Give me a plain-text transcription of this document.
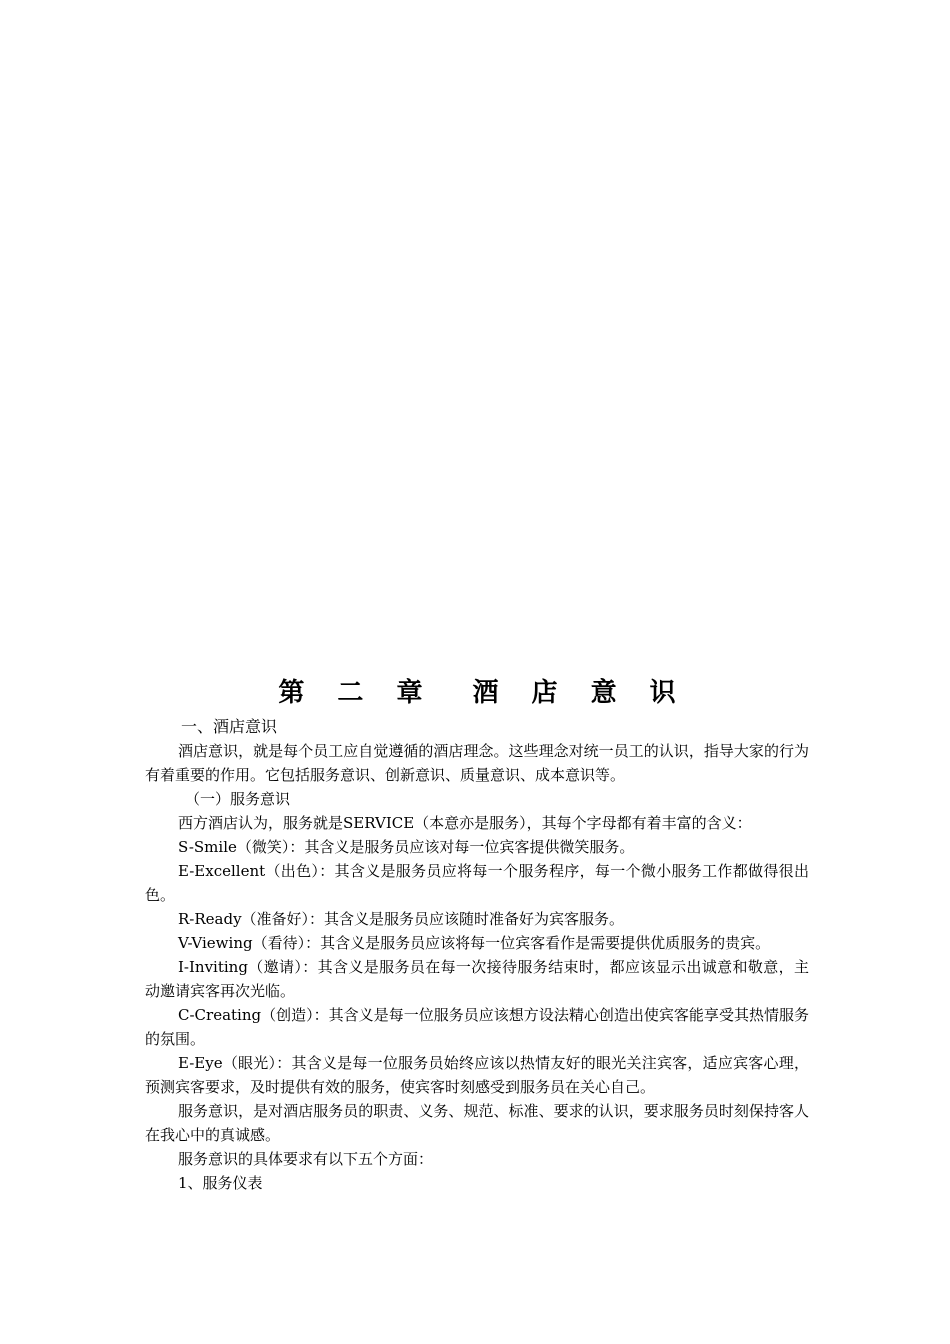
第 二 章　酒 店 意 识

一、酒店意识

酒店意识，就是每个员工应自觉遵循的酒店理念。这些理念对统一员工的认识，指导大家的行为有着重要的作用。它包括服务意识、创新意识、质量意识、成本意识等。

（一）服务意识

西方酒店认为，服务就是SERVICE（本意亦是服务），其每个字母都有着丰富的含义：

S-Smile（微笑）：其含义是服务员应该对每一位宾客提供微笑服务。

E-Excellent（出色）：其含义是服务员应将每一个服务程序，每一个微小服务工作都做得很出色。

R-Ready（准备好）：其含义是服务员应该随时准备好为宾客服务。

V-Viewing（看待）：其含义是服务员应该将每一位宾客看作是需要提供优质服务的贵宾。

I-Inviting（邀请）：其含义是服务员在每一次接待服务结束时，都应该显示出诚意和敬意，主动邀请宾客再次光临。

C-Creating（创造）：其含义是每一位服务员应该想方设法精心创造出使宾客能享受其热情服务的氛围。

E-Eye（眼光）：其含义是每一位服务员始终应该以热情友好的眼光关注宾客，适应宾客心理，预测宾客要求，及时提供有效的服务，使宾客时刻感受到服务员在关心自己。

服务意识，是对酒店服务员的职责、义务、规范、标准、要求的认识，要求服务员时刻保持客人在我心中的真诚感。

服务意识的具体要求有以下五个方面：

1、服务仪表
